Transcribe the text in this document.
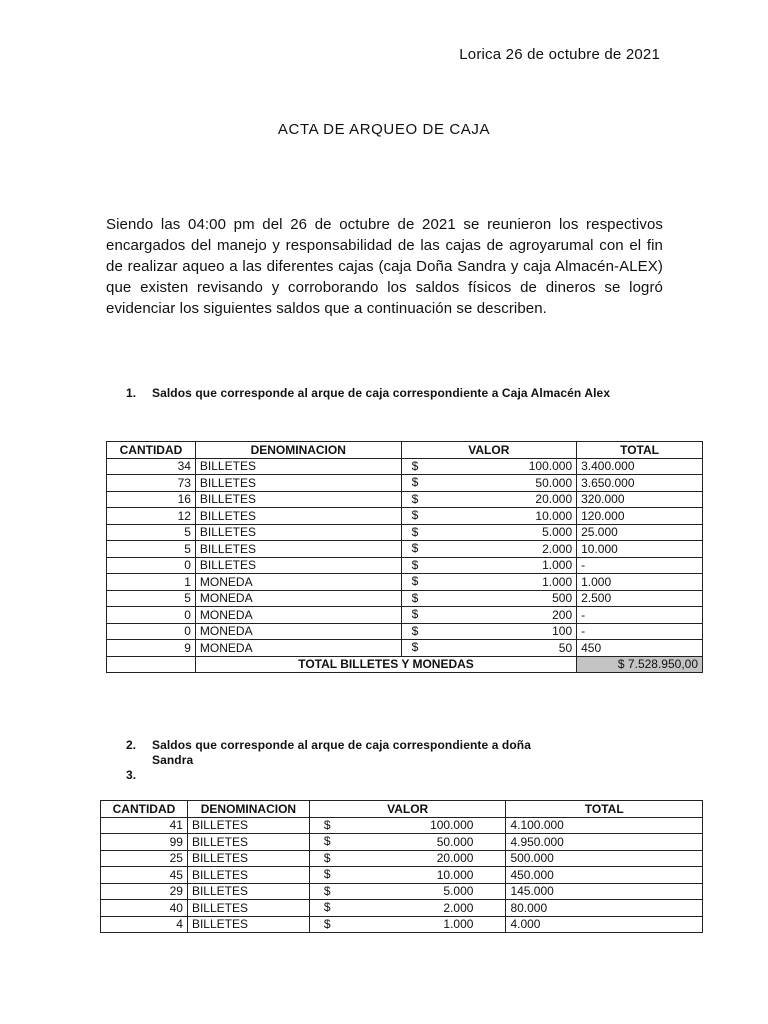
Lorica 26 de octubre de 2021
ACTA DE ARQUEO DE CAJA
Siendo las 04:00 pm del 26 de octubre de 2021 se reunieron los respectivos encargados del manejo y responsabilidad de las cajas de agroyarumal con el fin de realizar aqueo a las diferentes cajas (caja Doña Sandra y caja Almacén-ALEX) que existen revisando y corroborando los saldos físicos de dineros se logró evidenciar los siguientes saldos que a continuación se describen.
1. Saldos que corresponde al arque de caja correspondiente a Caja Almacén Alex
CANTIDAD	DENOMINACION	VALOR	TOTAL
34	BILLETES	$ 100.000	3.400.000
73	BILLETES	$ 50.000	3.650.000
16	BILLETES	$ 20.000	320.000
12	BILLETES	$ 10.000	120.000
5	BILLETES	$ 5.000	25.000
5	BILLETES	$ 2.000	10.000
0	BILLETES	$ 1.000	-
1	MONEDA	$ 1.000	1.000
5	MONEDA	$ 500	2.500
0	MONEDA	$ 200	-
0	MONEDA	$ 100	-
9	MONEDA	$ 50	450
	TOTAL BILLETES Y MONEDAS		$ 7.528.950,00
2. Saldos que corresponde al arque de caja correspondiente a doña
Sandra
3.
CANTIDAD	DENOMINACION	VALOR	TOTAL
41	BILLETES	$ 100.000	4.100.000
99	BILLETES	$ 50.000	4.950.000
25	BILLETES	$ 20.000	500.000
45	BILLETES	$ 10.000	450.000
29	BILLETES	$ 5.000	145.000
40	BILLETES	$ 2.000	80.000
4	BILLETES	$ 1.000	4.000
